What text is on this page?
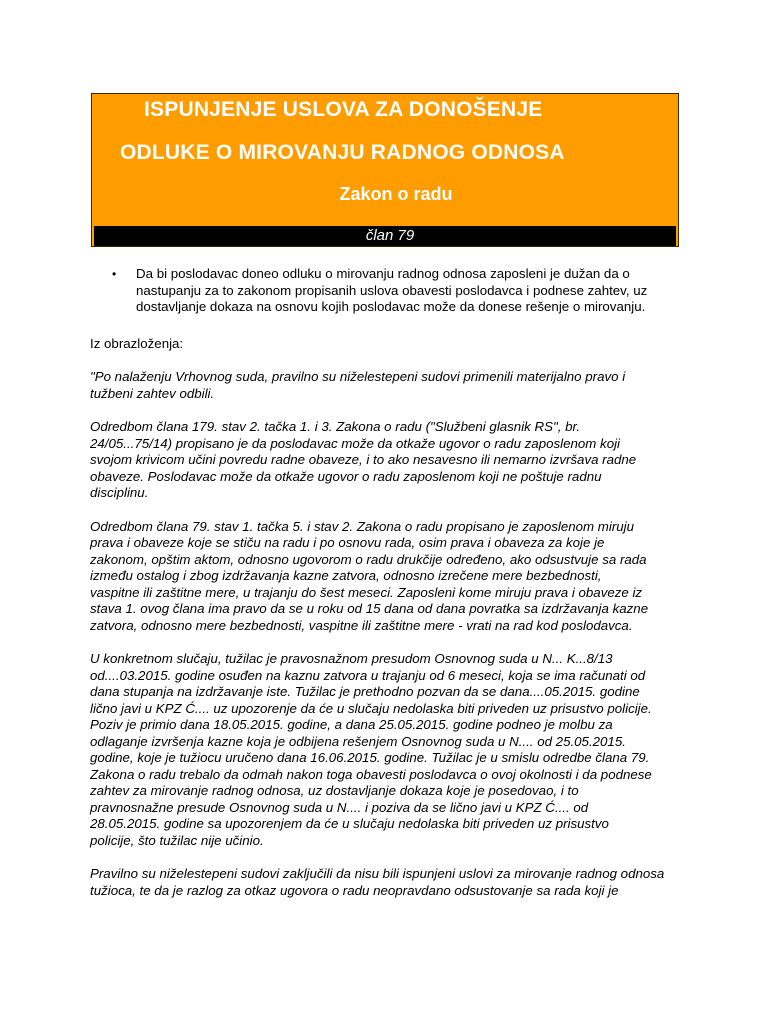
ISPUNJENJE USLOVA ZA DONOŠENJE
ODLUKE O MIROVANJU RADNOG ODNOSA
Zakon o radu
član 79
•	Da bi poslodavac doneo odluku o mirovanju radnog odnosa zaposleni je dužan da o
nastupanju za to zakonom propisanih uslova obavesti poslodavca i podnese zahtev, uz
dostavljanje dokaza na osnovu kojih poslodavac može da donese rešenje o mirovanju.

Iz obrazloženja:

"Po nalaženju Vrhovnog suda, pravilno su niželestepeni sudovi primenili materijalno pravo i
tužbeni zahtev odbili.

Odredbom člana 179. stav 2. tačka 1. i 3. Zakona o radu ("Službeni glasnik RS", br.
24/05...75/14) propisano je da poslodavac može da otkaže ugovor o radu zaposlenom koji
svojom krivicom učini povredu radne obaveze, i to ako nesavesno ili nemarno izvršava radne
obaveze. Poslodavac može da otkaže ugovor o radu zaposlenom koji ne poštuje radnu
disciplinu.

Odredbom člana 79. stav 1. tačka 5. i stav 2. Zakona o radu propisano je zaposlenom miruju
prava i obaveze koje se stiču na radu i po osnovu rada, osim prava i obaveza za koje je
zakonom, opštim aktom, odnosno ugovorom o radu drukčije određeno, ako odsustvuje sa rada
između ostalog i zbog izdržavanja kazne zatvora, odnosno izrečene mere bezbednosti,
vaspitne ili zaštitne mere, u trajanju do šest meseci. Zaposleni kome miruju prava i obaveze iz
stava 1. ovog člana ima pravo da se u roku od 15 dana od dana povratka sa izdržavanja kazne
zatvora, odnosno mere bezbednosti, vaspitne ili zaštitne mere - vrati na rad kod poslodavca.

U konkretnom slučaju, tužilac je pravosnažnom presudom Osnovnog suda u N... K...8/13
od....03.2015. godine osuđen na kaznu zatvora u trajanju od 6 meseci, koja se ima računati od
dana stupanja na izdržavanje iste. Tužilac je prethodno pozvan da se dana....05.2015. godine
lično javi u KPZ Ć.... uz upozorenje da će u slučaju nedolaska biti priveden uz prisustvo policije.
Poziv je primio dana 18.05.2015. godine, a dana 25.05.2015. godine podneo je molbu za
odlaganje izvršenja kazne koja je odbijena rešenjem Osnovnog suda u N.... od 25.05.2015.
godine, koje je tužiocu uručeno dana 16.06.2015. godine. Tužilac je u smislu odredbe člana 79.
Zakona o radu trebalo da odmah nakon toga obavesti poslodavca o ovoj okolnosti i da podnese
zahtev za mirovanje radnog odnosa, uz dostavljanje dokaza koje je posedovao, i to
pravnosnažne presude Osnovnog suda u N.... i poziva da se lično javi u KPZ Ć.... od
28.05.2015. godine sa upozorenjem da će u slučaju nedolaska biti priveden uz prisustvo
policije, što tužilac nije učinio.

Pravilno su niželestepeni sudovi zaključili da nisu bili ispunjeni uslovi za mirovanje radnog odnosa
tužioca, te da je razlog za otkaz ugovora o radu neopravdano odsustovanje sa rada koji je
